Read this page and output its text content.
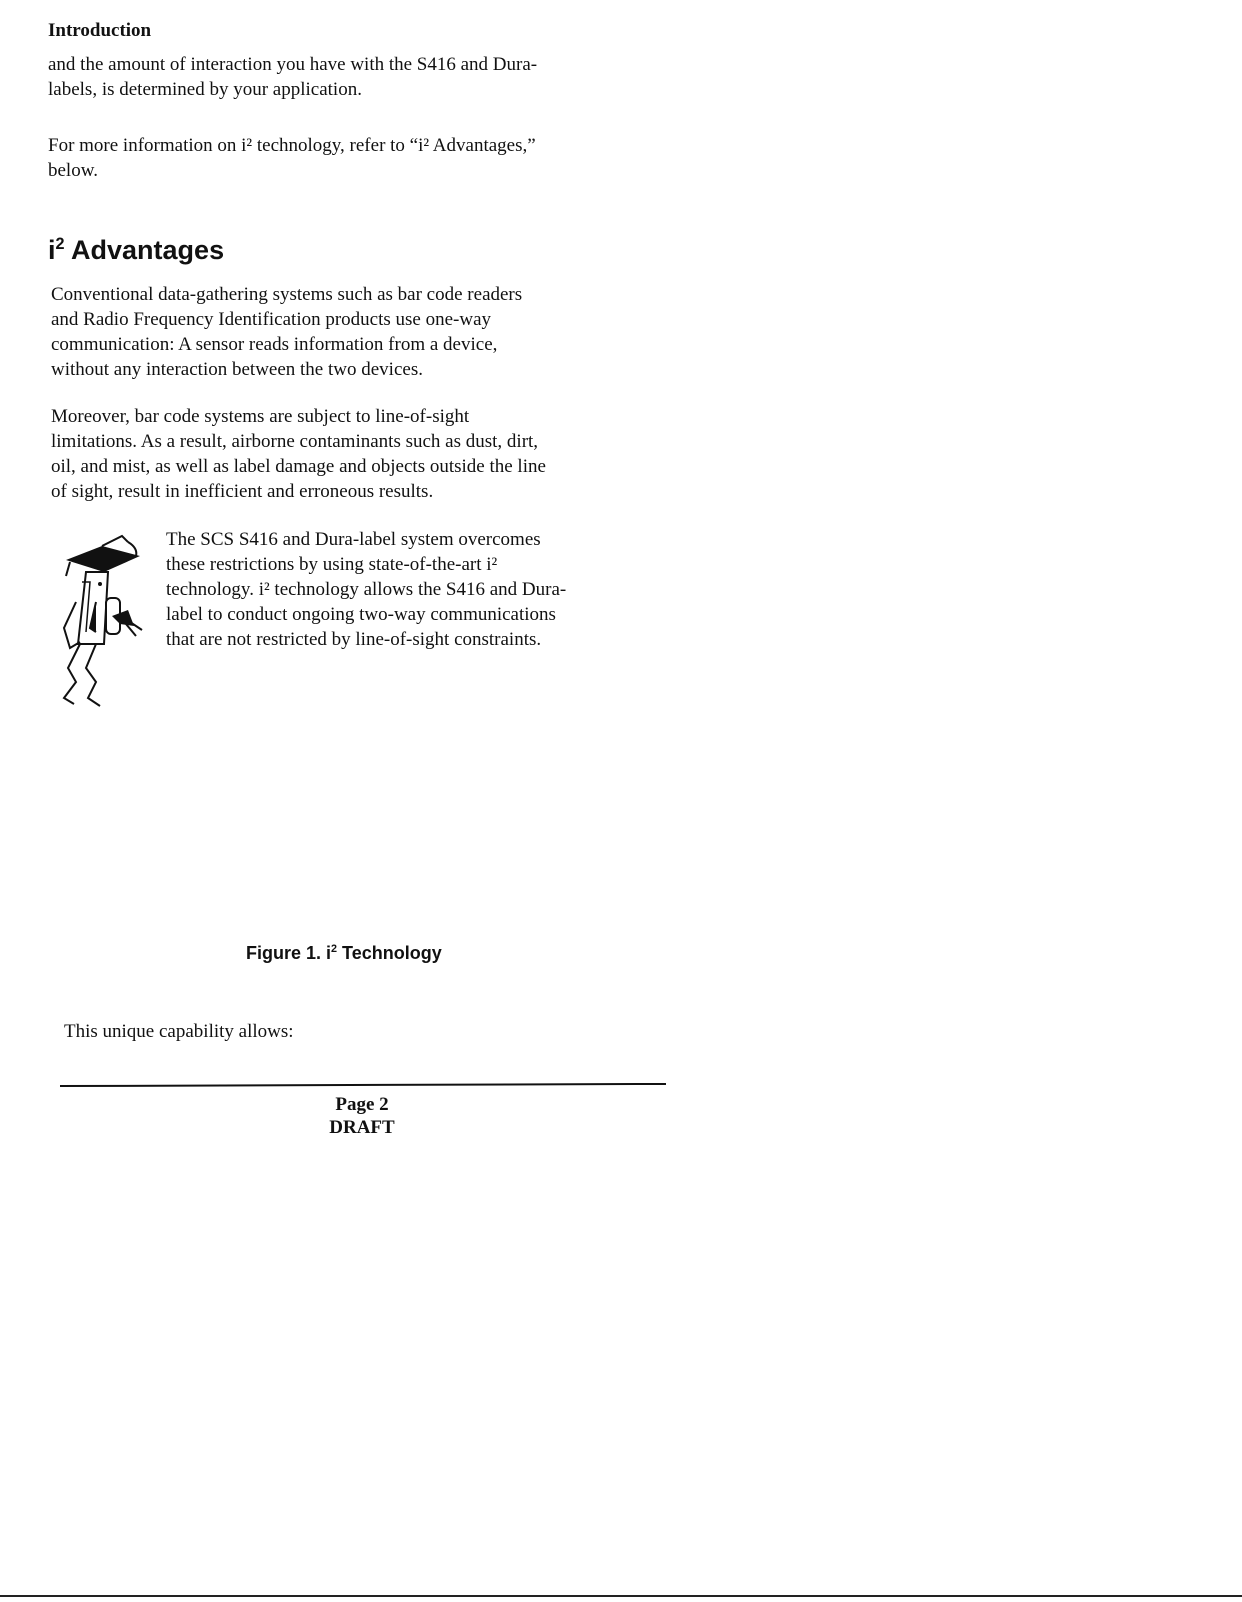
Introduction
and the amount of interaction you have with the S416 and Dura-
labels, is determined by your application.
For more information on i² technology, refer to “i² Advantages,”
below.
$i^2$ Advantages
Conventional data-gathering systems such as bar code readers
and Radio Frequency Identification products use one-way
communication: A sensor reads information from a device,
without any interaction between the two devices.
Moreover, bar code systems are subject to line-of-sight
limitations. As a result, airborne contaminants such as dust, dirt,
oil, and mist, as well as label damage and objects outside the line
of sight, result in inefficient and erroneous results.
The SCS S416 and Dura-label system overcomes
these restrictions by using state-of-the-art i²
technology. i² technology allows the S416 and Dura-
label to conduct ongoing two-way communications
that are not restricted by line-of-sight constraints.
Figure 1. $i^2$ Technology
This unique capability allows:
Page 2
DRAFT
